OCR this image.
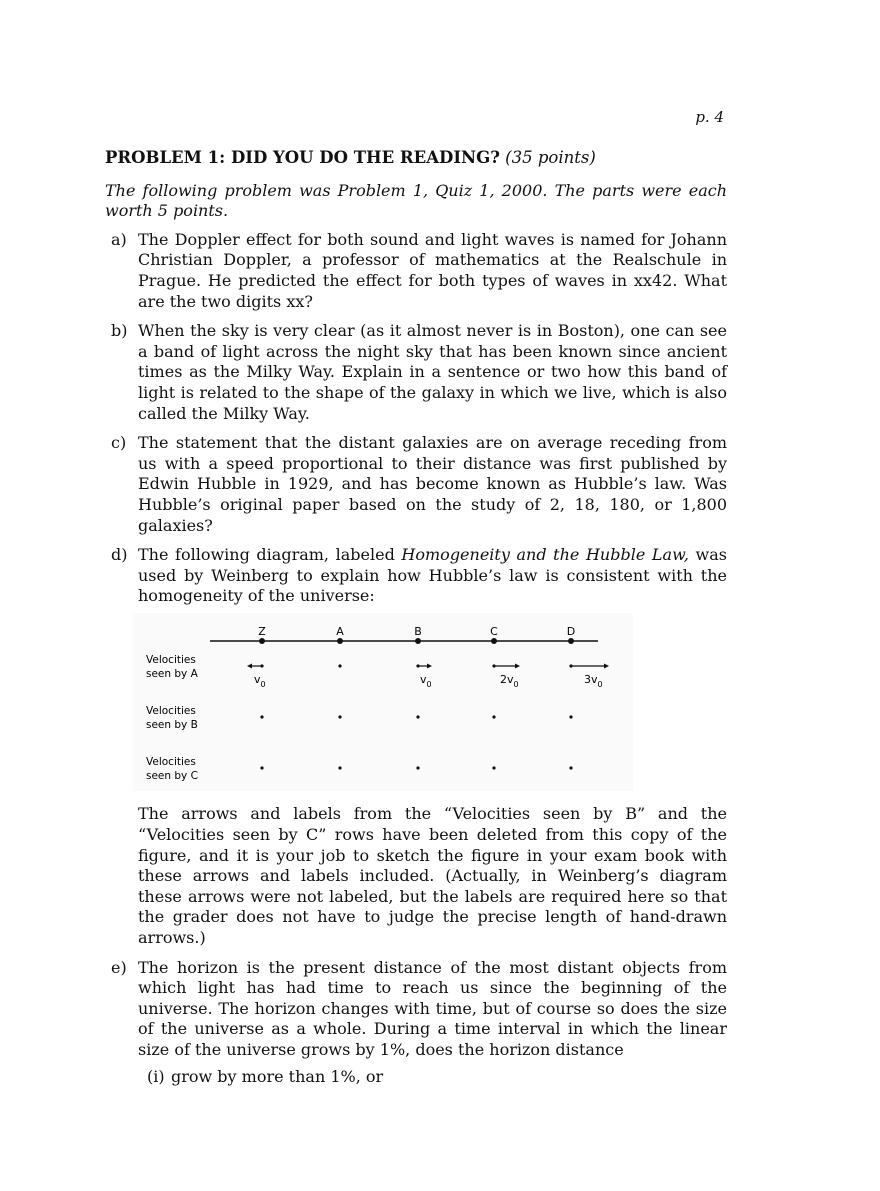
p. 4

PROBLEM 1: DID YOU DO THE READING? (35 points)

The following problem was Problem 1, Quiz 1, 2000. The parts were each worth 5 points.

a) The Doppler effect for both sound and light waves is named for Johann Christian Doppler, a professor of mathematics at the Realschule in Prague. He predicted the effect for both types of waves in xx42. What are the two digits xx?
b) When the sky is very clear (as it almost never is in Boston), one can see a band of light across the night sky that has been known since ancient times as the Milky Way. Explain in a sentence or two how this band of light is related to the shape of the galaxy in which we live, which is also called the Milky Way.
c) The statement that the distant galaxies are on average receding from us with a speed proportional to their distance was first published by Edwin Hubble in 1929, and has become known as Hubble’s law. Was Hubble’s original paper based on the study of 2, 18, 180, or 1,800 galaxies?
d) The following diagram, labeled Homogeneity and the Hubble Law, was used by Weinberg to explain how Hubble’s law is consistent with the homogeneity of the universe:
Z	A	B	C	D
Velocities
seen by A
Velocities
seen by B
Velocities
seen by C
$v_0$	$v_0$	$2v_0$	$3v_0$

The arrows and labels from the “Velocities seen by B” and the “Velocities seen by C” rows have been deleted from this copy of the figure, and it is your job to sketch the figure in your exam book with these arrows and labels included. (Actually, in Weinberg’s diagram these arrows were not labeled, but the labels are required here so that the grader does not have to judge the precise length of hand-drawn arrows.)

e) The horizon is the present distance of the most distant objects from which light has had time to reach us since the beginning of the universe. The horizon changes with time, but of course so does the size of the universe as a whole. During a time interval in which the linear size of the universe grows by 1%, does the horizon distance
(i) grow by more than 1%, or
